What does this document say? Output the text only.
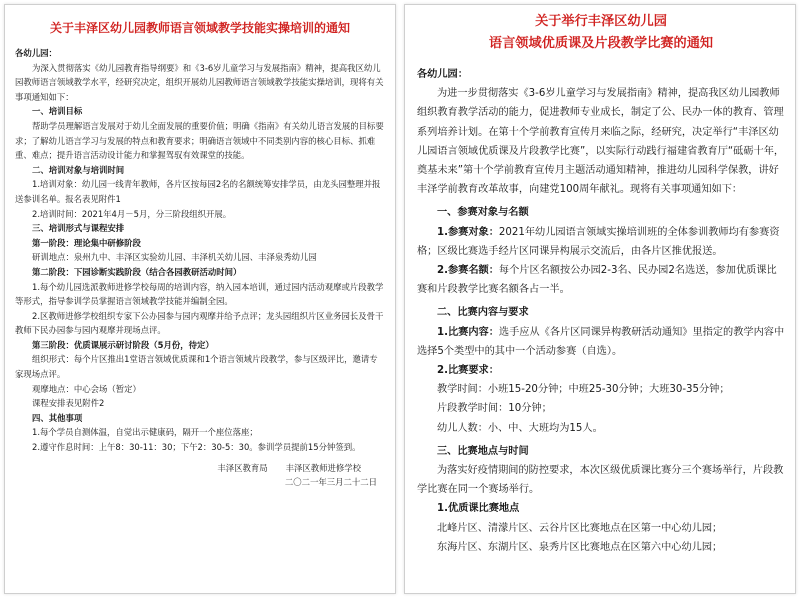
关于丰泽区幼儿园教师语言领域教学技能实操培训的通知

各幼儿园：

为深入贯彻落实《幼儿园教育指导纲要》和《3-6岁儿童学习与发展指南》精神，提高我区幼儿园教师语言领域教学水平，经研究决定，组织开展幼儿园教师语言领域教学技能实操培训，现将有关事项通知如下：

一、培训目标

帮助学员理解语言发展对于幼儿全面发展的重要价值；明确《指南》有关幼儿语言发展的目标要求；了解幼儿语言学习与发展的特点和教育要求；明确语言领域中不同类别内容的核心目标、抓难重、难点；提升语言活动设计能力和掌握驾驭有效课堂的技能。

二、培训对象与培训时间

1.培训对象：幼儿园一线青年教师，各片区按每园2名的名额统筹安排学员，由龙头园整理并报送参训名单。报名表见附件1

2.培训时间：2021年4月－5月，分三阶段组织开展。

三、培训形式与课程安排

第一阶段：理论集中研修阶段

研训地点：泉州九中、丰泽区实验幼儿园、丰泽机关幼儿园、丰泽泉秀幼儿园

第二阶段：下园诊断实践阶段（结合各园教研活动时间）

1.每个幼儿园选派教师进修学校每周的培训内容，纳入园本培训，通过园内活动观摩或片段教学等形式，指导参训学员掌握语言领域教学技能并编制全园。

2.区教师进修学校组织专家下公办园参与园内观摩并给予点评；龙头园组织片区业务园长及骨干教师下民办园参与园内观摩并现场点评。

第三阶段：优质课展示研讨阶段（5月份，待定）

组织形式：每个片区推出1堂语言领域优质课和1个语言领域片段教学，参与区级评比，邀请专家现场点评。

观摩地点：中心会场（暂定）

课程安排表见附件2

四、其他事项

1.每个学员自测体温，自觉出示健康码，隔开一个座位落座；

2.遵守作息时间：上午8：30-11：30；下午2：30-5：30。参训学员提前15分钟签到。

丰泽区教育局 丰泽区教师进修学校
二〇二一年三月二十二日
关于举行丰泽区幼儿园
语言领域优质课及片段教学比赛的通知

各幼儿园：

为进一步贯彻落实《3-6岁儿童学习与发展指南》精神，提高我区幼儿园教师组织教育教学活动的能力，促进教师专业成长，制定了公、民办一体的教育、管理系列培养计划。在第十个学前教育宣传月来临之际，经研究，决定举行“丰泽区幼儿园语言领域优质课及片段教学比赛”，以实际行动践行福建省教育厅“砥砺十年，奠基未来”第十个学前教育宣传月主题活动通知精神，推进幼儿园科学保教，讲好丰泽学前教育改革故事，向建党100周年献礼。现将有关事项通知如下：

一、参赛对象与名额

1.参赛对象：2021年幼儿园语言领域实操培训班的全体参训教师均有参赛资格；区级比赛选手经片区同课异构展示交流后，由各片区推优报送。

2.参赛名额：每个片区名额按公办园2-3名、民办园2名选送，参加优质课比赛和片段教学比赛名额各占一半。

二、比赛内容与要求

1.比赛内容：选手应从《各片区同课异构教研活动通知》里指定的教学内容中选择5个类型中的其中一个活动参赛（自选）。

2.比赛要求：

教学时间：小班15-20分钟；中班25-30分钟；大班30-35分钟；

片段教学时间：10分钟；

幼儿人数：小、中、大班均为15人。

三、比赛地点与时间

为落实好疫情期间的防控要求，本次区级优质课比赛分三个赛场举行，片段教学比赛在同一个赛场举行。

1.优质课比赛地点

北峰片区、清濛片区、云谷片区比赛地点在区第一中心幼儿园；

东海片区、东湖片区、泉秀片区比赛地点在区第六中心幼儿园；
